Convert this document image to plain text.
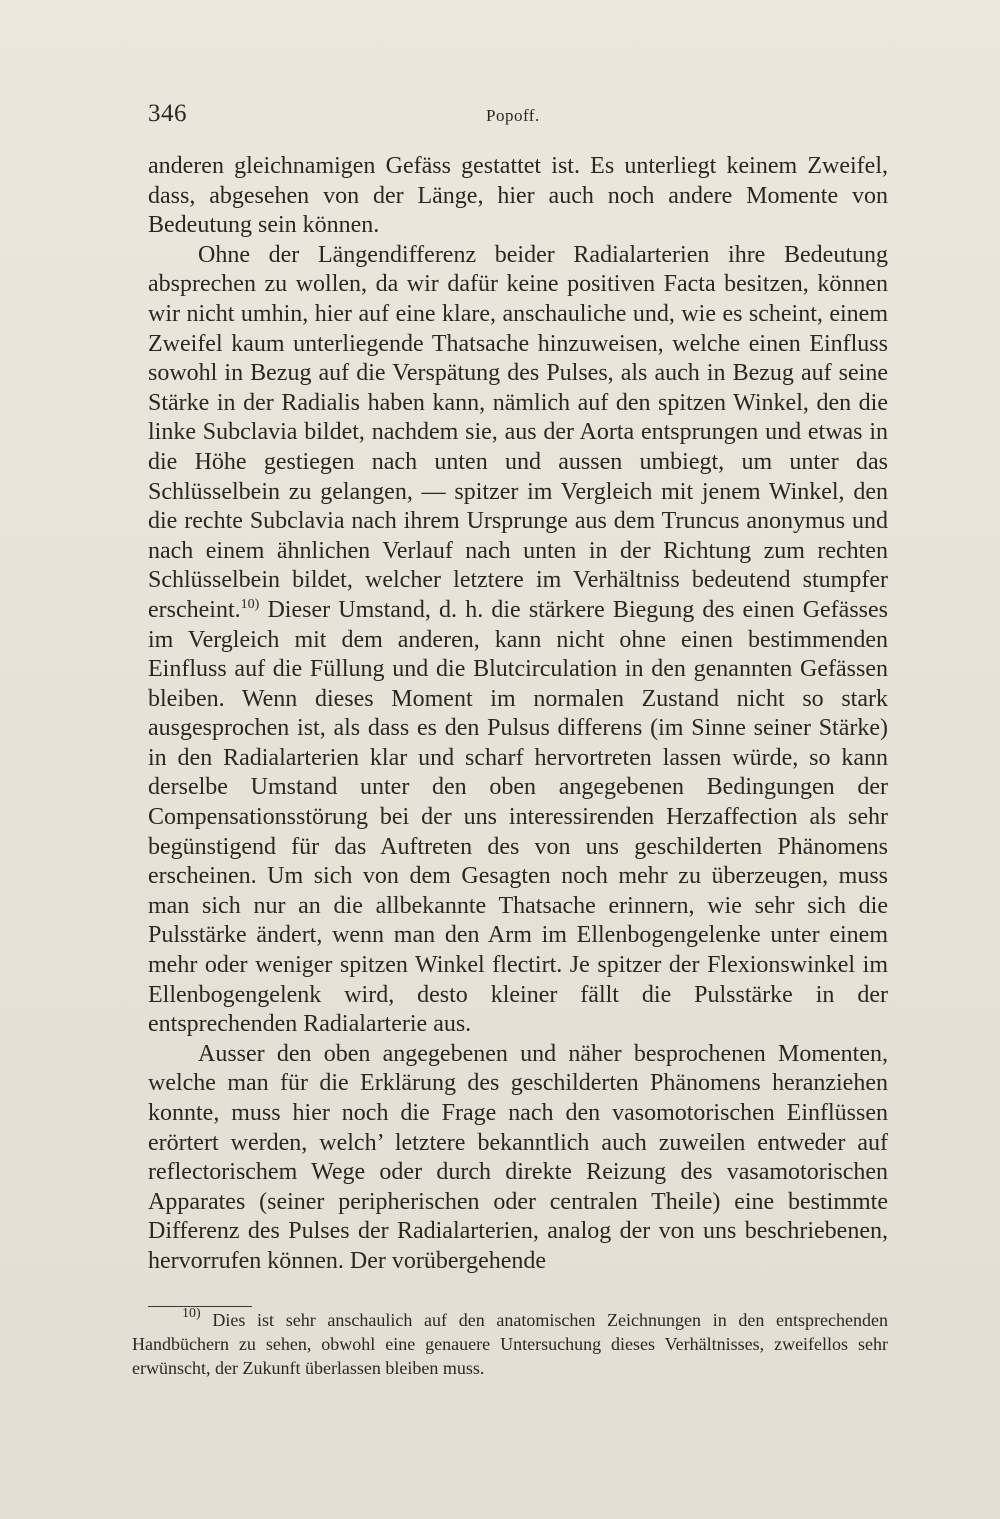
346	Popoff.

anderen gleichnamigen Gefäss gestattet ist. Es unterliegt keinem Zweifel, dass, abgesehen von der Länge, hier auch noch andere Momente von Bedeutung sein können.

Ohne der Längendifferenz beider Radialarterien ihre Bedeutung absprechen zu wollen, da wir dafür keine positiven Facta besitzen, können wir nicht umhin, hier auf eine klare, anschauliche und, wie es scheint, einem Zweifel kaum unterliegende Thatsache hinzuweisen, welche einen Einfluss sowohl in Bezug auf die Verspätung des Pulses, als auch in Bezug auf seine Stärke in der Radialis haben kann, nämlich auf den spitzen Winkel, den die linke Subclavia bildet, nachdem sie, aus der Aorta entsprungen und etwas in die Höhe gestiegen nach unten und aussen umbiegt, um unter das Schlüsselbein zu gelangen, — spitzer im Vergleich mit jenem Winkel, den die rechte Subclavia nach ihrem Ursprunge aus dem Truncus anonymus und nach einem ähnlichen Verlauf nach unten in der Richtung zum rechten Schlüsselbein bildet, welcher letztere im Verhältniss bedeutend stumpfer erscheint.$^{10)}$ Dieser Umstand, d. h. die stärkere Biegung des einen Gefässes im Vergleich mit dem anderen, kann nicht ohne einen bestimmenden Einfluss auf die Füllung und die Blutcirculation in den genannten Gefässen bleiben. Wenn dieses Moment im normalen Zustand nicht so stark ausgesprochen ist, als dass es den Pulsus differens (im Sinne seiner Stärke) in den Radialarterien klar und scharf hervortreten lassen würde, so kann derselbe Umstand unter den oben angegebenen Bedingungen der Compensationsstörung bei der uns interessirenden Herzaffection als sehr begünstigend für das Auftreten des von uns geschilderten Phänomens erscheinen. Um sich von dem Gesagten noch mehr zu überzeugen, muss man sich nur an die allbekannte Thatsache erinnern, wie sehr sich die Pulsstärke ändert, wenn man den Arm im Ellenbogengelenke unter einem mehr oder weniger spitzen Winkel flectirt. Je spitzer der Flexionswinkel im Ellenbogengelenk wird, desto kleiner fällt die Pulsstärke in der entsprechenden Radialarterie aus.

Ausser den oben angegebenen und näher besprochenen Momenten, welche man für die Erklärung des geschilderten Phänomens heranziehen konnte, muss hier noch die Frage nach den vasomotorischen Einflüssen erörtert werden, welch’ letztere bekanntlich auch zuweilen entweder auf reflectorischem Wege oder durch direkte Reizung des vasamotorischen Apparates (seiner peripherischen oder centralen Theile) eine bestimmte Differenz des Pulses der Radialarterien, analog der von uns beschriebenen, hervorrufen können. Der vorübergehende

$^{10)}$ Dies ist sehr anschaulich auf den anatomischen Zeichnungen in den entsprechenden Handbüchern zu sehen, obwohl eine genauere Untersuchung dieses Verhältnisses, zweifellos sehr erwünscht, der Zukunft überlassen bleiben muss.
